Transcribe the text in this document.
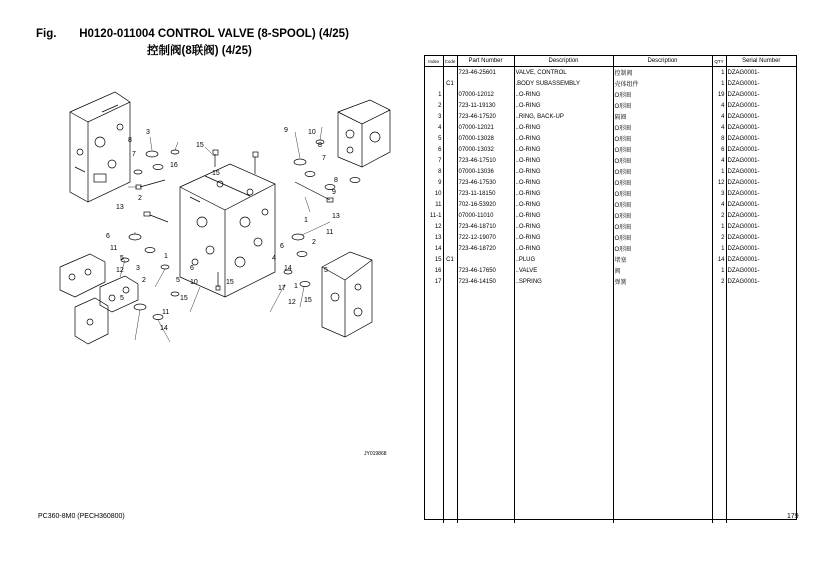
Fig. H0120-011004 CONTROL VALVE (8-SPOOL) (4/25)
控制阀(8联阀) (4/25)
3
15
8
7
15
13
2
16
9	10
8
7
8
9
13
1
11
2
5
15
4
6
14
17
12
1
6
11
5
3
2
15
5
1
6
15
12
14
10
5
11
JY019868
Index	Code	Part Number	Description	Description	QTY	Serial Number
		723-46-25601	VALVE, CONTROL	控制阀	1	DZAG0001-
	C1		.BODY SUBASSEMBLY	壳体组件	1	DZAG0001-
1		07000-12012	..O-RING	O形圈	19	DZAG0001-
2		723-11-19130	..O-RING	O形圈	4	DZAG0001-
3		723-46-17520	..RING, BACK-UP	隔圈	4	DZAG0001-
4		07000-12021	..O-RING	O形圈	4	DZAG0001-
5		07000-13028	..O-RING	O形圈	8	DZAG0001-
6		07000-13032	..O-RING	O形圈	6	DZAG0001-
7		723-46-17510	..O-RING	O形圈	4	DZAG0001-
8		07000-13036	..O-RING	O形圈	1	DZAG0001-
9		723-46-17530	..O-RING	O形圈	12	DZAG0001-
10		723-11-18150	..O-RING	O形圈	3	DZAG0001-
11		702-16-53920	..O-RING	O形圈	4	DZAG0001-
11-1		07000-11010	..O-RING	O形圈	2	DZAG0001-
12		723-46-18710	..O-RING	O形圈	1	DZAG0001-
13		722-12-19070	..O-RING	O形圈	2	DZAG0001-
14		723-46-18720	..O-RING	O形圈	1	DZAG0001-
15	C1		..PLUG	堵塞	14	DZAG0001-
16		723-46-17650	..VALVE	阀	1	DZAG0001-
17		723-46-14150	..SPRING	弹簧	2	DZAG0001-

PC360-8M0 (PECH360800)	179
